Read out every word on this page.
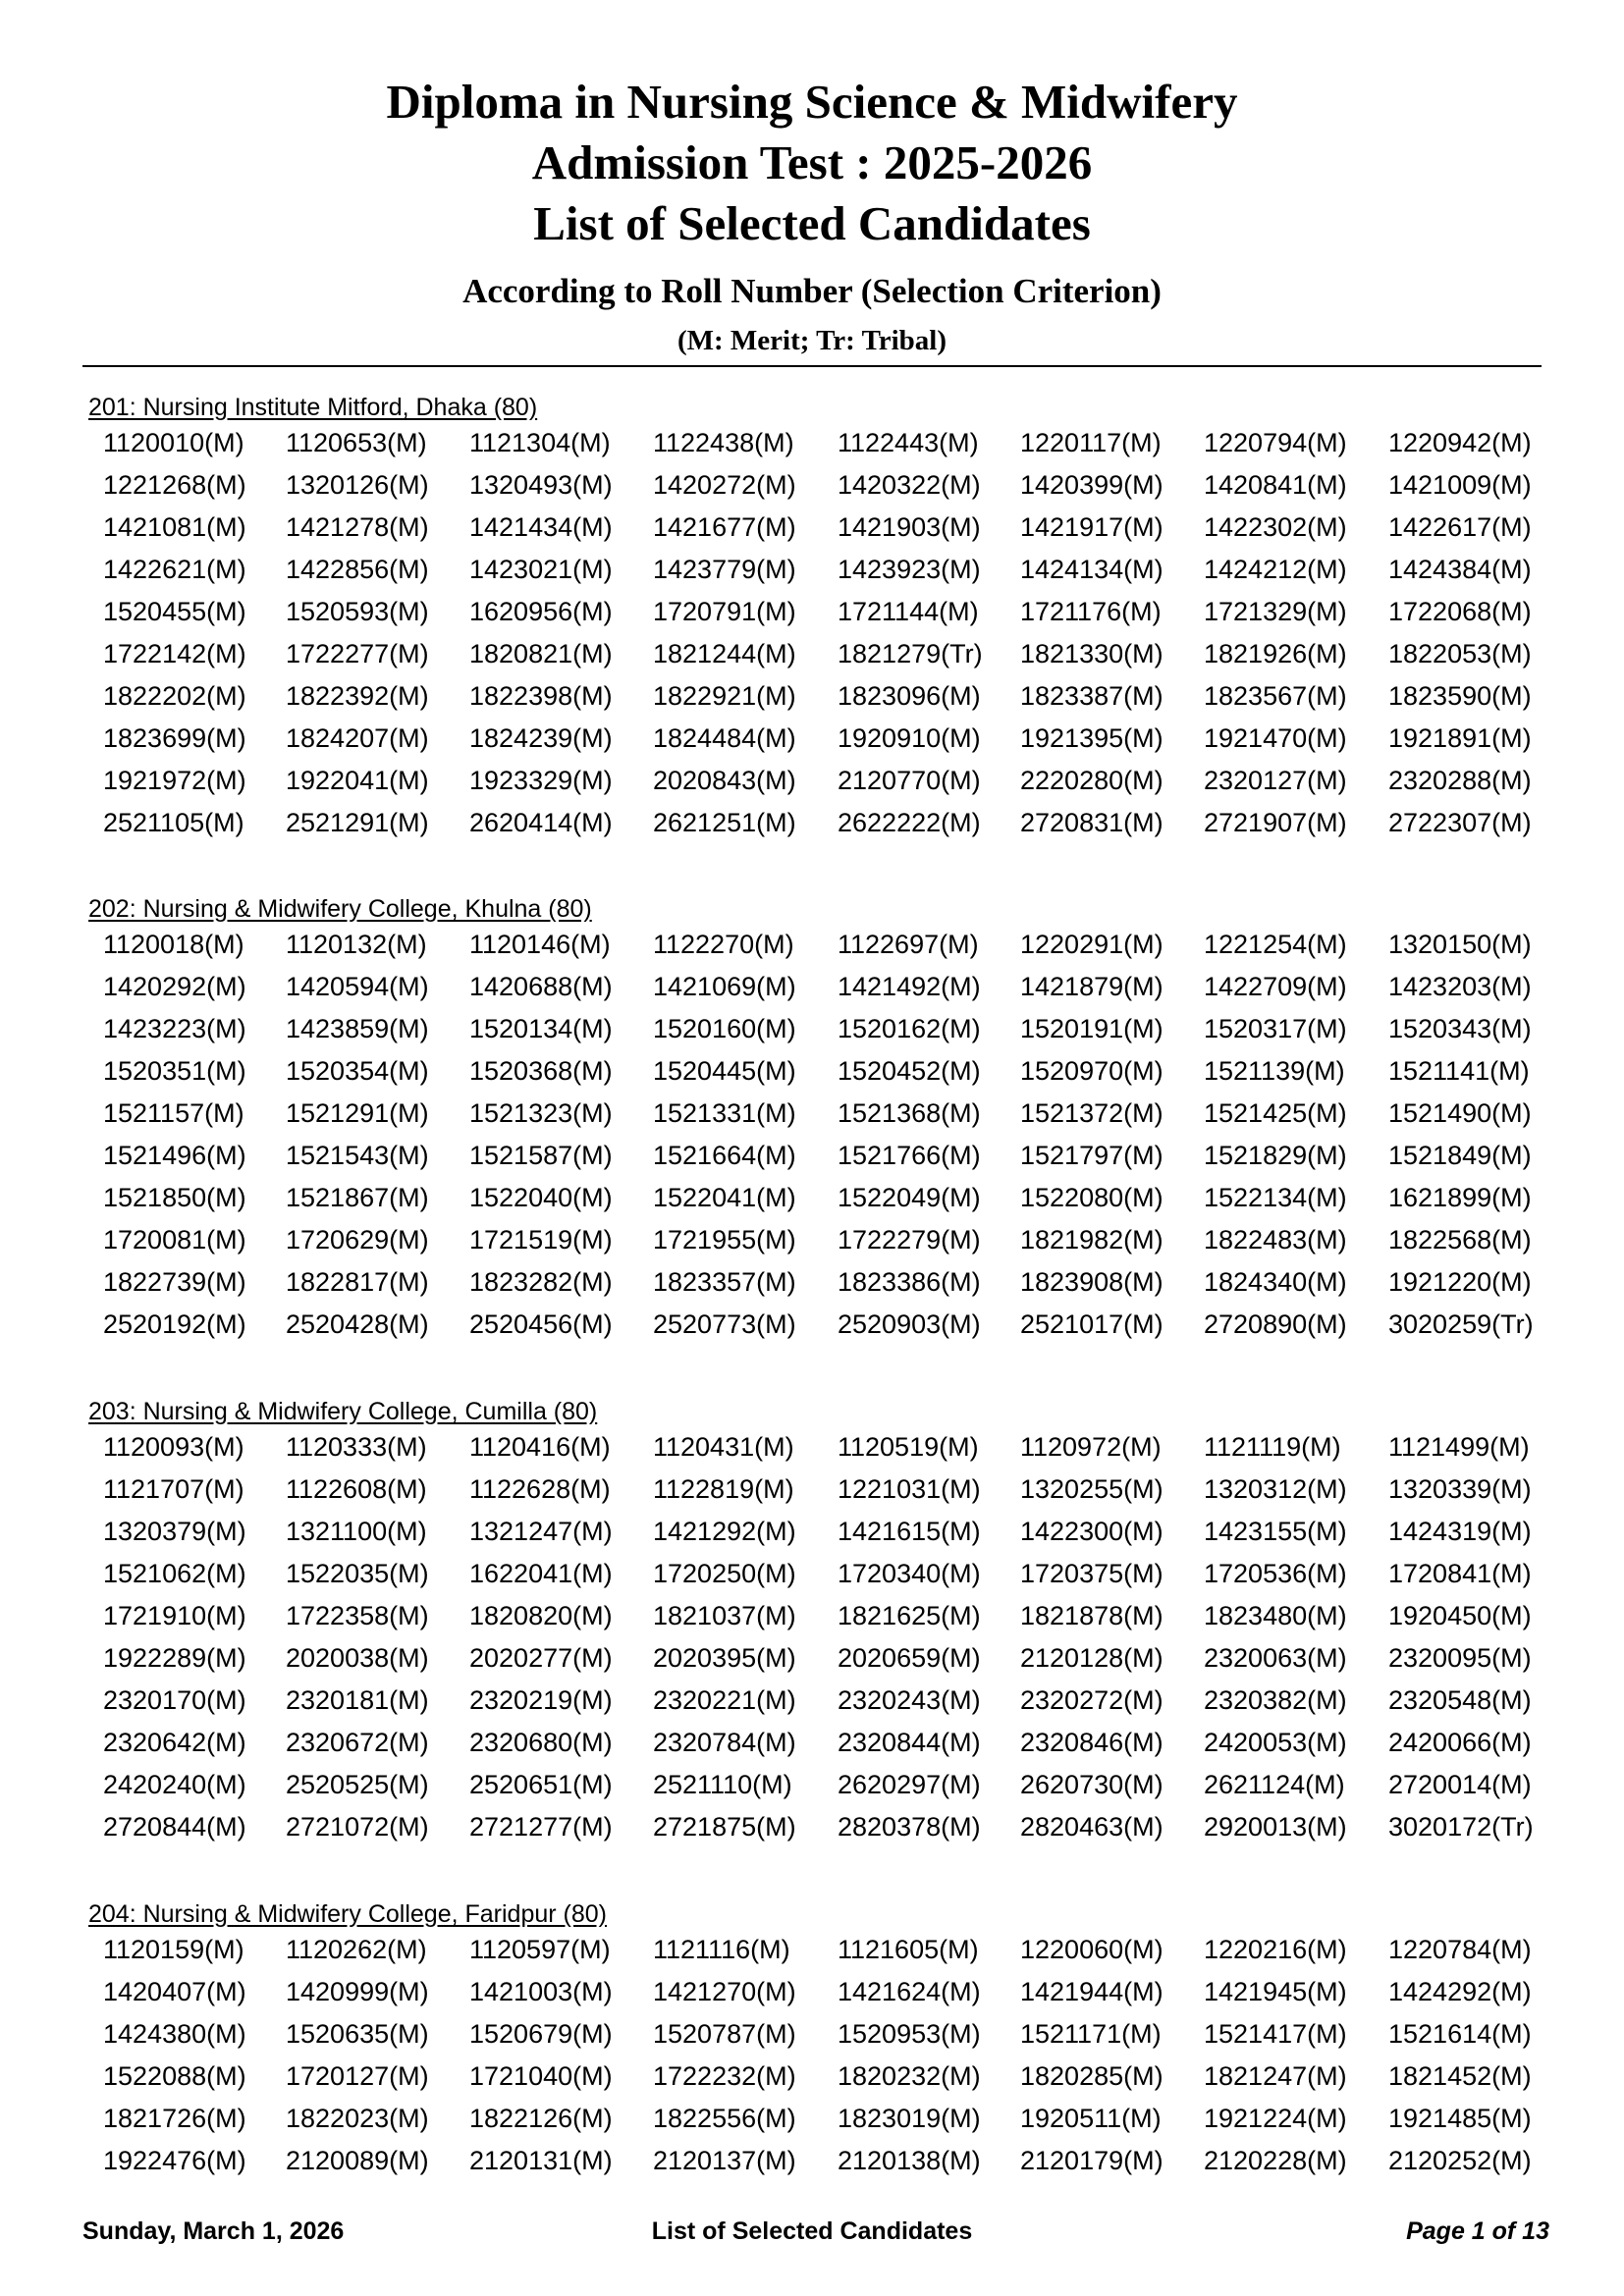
Diploma in Nursing Science & Midwifery
Admission Test : 2025-2026
List of Selected Candidates
According to Roll Number (Selection Criterion)
(M: Merit; Tr: Tribal)
201: Nursing Institute Mitford, Dhaka (80)
1120010(M) 1120653(M) 1121304(M) 1122438(M) 1122443(M) 1220117(M) 1220794(M) 1220942(M)
1221268(M) 1320126(M) 1320493(M) 1420272(M) 1420322(M) 1420399(M) 1420841(M) 1421009(M)
1421081(M) 1421278(M) 1421434(M) 1421677(M) 1421903(M) 1421917(M) 1422302(M) 1422617(M)
1422621(M) 1422856(M) 1423021(M) 1423779(M) 1423923(M) 1424134(M) 1424212(M) 1424384(M)
1520455(M) 1520593(M) 1620956(M) 1720791(M) 1721144(M) 1721176(M) 1721329(M) 1722068(M)
1722142(M) 1722277(M) 1820821(M) 1821244(M) 1821279(Tr) 1821330(M) 1821926(M) 1822053(M)
1822202(M) 1822392(M) 1822398(M) 1822921(M) 1823096(M) 1823387(M) 1823567(M) 1823590(M)
1823699(M) 1824207(M) 1824239(M) 1824484(M) 1920910(M) 1921395(M) 1921470(M) 1921891(M)
1921972(M) 1922041(M) 1923329(M) 2020843(M) 2120770(M) 2220280(M) 2320127(M) 2320288(M)
2521105(M) 2521291(M) 2620414(M) 2621251(M) 2622222(M) 2720831(M) 2721907(M) 2722307(M)
202: Nursing & Midwifery College, Khulna (80)
1120018(M) 1120132(M) 1120146(M) 1122270(M) 1122697(M) 1220291(M) 1221254(M) 1320150(M)
1420292(M) 1420594(M) 1420688(M) 1421069(M) 1421492(M) 1421879(M) 1422709(M) 1423203(M)
1423223(M) 1423859(M) 1520134(M) 1520160(M) 1520162(M) 1520191(M) 1520317(M) 1520343(M)
1520351(M) 1520354(M) 1520368(M) 1520445(M) 1520452(M) 1520970(M) 1521139(M) 1521141(M)
1521157(M) 1521291(M) 1521323(M) 1521331(M) 1521368(M) 1521372(M) 1521425(M) 1521490(M)
1521496(M) 1521543(M) 1521587(M) 1521664(M) 1521766(M) 1521797(M) 1521829(M) 1521849(M)
1521850(M) 1521867(M) 1522040(M) 1522041(M) 1522049(M) 1522080(M) 1522134(M) 1621899(M)
1720081(M) 1720629(M) 1721519(M) 1721955(M) 1722279(M) 1821982(M) 1822483(M) 1822568(M)
1822739(M) 1822817(M) 1823282(M) 1823357(M) 1823386(M) 1823908(M) 1824340(M) 1921220(M)
2520192(M) 2520428(M) 2520456(M) 2520773(M) 2520903(M) 2521017(M) 2720890(M) 3020259(Tr)
203: Nursing & Midwifery College, Cumilla (80)
1120093(M) 1120333(M) 1120416(M) 1120431(M) 1120519(M) 1120972(M) 1121119(M) 1121499(M)
1121707(M) 1122608(M) 1122628(M) 1122819(M) 1221031(M) 1320255(M) 1320312(M) 1320339(M)
1320379(M) 1321100(M) 1321247(M) 1421292(M) 1421615(M) 1422300(M) 1423155(M) 1424319(M)
1521062(M) 1522035(M) 1622041(M) 1720250(M) 1720340(M) 1720375(M) 1720536(M) 1720841(M)
1721910(M) 1722358(M) 1820820(M) 1821037(M) 1821625(M) 1821878(M) 1823480(M) 1920450(M)
1922289(M) 2020038(M) 2020277(M) 2020395(M) 2020659(M) 2120128(M) 2320063(M) 2320095(M)
2320170(M) 2320181(M) 2320219(M) 2320221(M) 2320243(M) 2320272(M) 2320382(M) 2320548(M)
2320642(M) 2320672(M) 2320680(M) 2320784(M) 2320844(M) 2320846(M) 2420053(M) 2420066(M)
2420240(M) 2520525(M) 2520651(M) 2521110(M) 2620297(M) 2620730(M) 2621124(M) 2720014(M)
2720844(M) 2721072(M) 2721277(M) 2721875(M) 2820378(M) 2820463(M) 2920013(M) 3020172(Tr)
204: Nursing & Midwifery College, Faridpur (80)
1120159(M) 1120262(M) 1120597(M) 1121116(M) 1121605(M) 1220060(M) 1220216(M) 1220784(M)
1420407(M) 1420999(M) 1421003(M) 1421270(M) 1421624(M) 1421944(M) 1421945(M) 1424292(M)
1424380(M) 1520635(M) 1520679(M) 1520787(M) 1520953(M) 1521171(M) 1521417(M) 1521614(M)
1522088(M) 1720127(M) 1721040(M) 1722232(M) 1820232(M) 1820285(M) 1821247(M) 1821452(M)
1821726(M) 1822023(M) 1822126(M) 1822556(M) 1823019(M) 1920511(M) 1921224(M) 1921485(M)
1922476(M) 2120089(M) 2120131(M) 2120137(M) 2120138(M) 2120179(M) 2120228(M) 2120252(M)
Sunday, March 1, 2026	List of Selected Candidates	Page 1 of 13
